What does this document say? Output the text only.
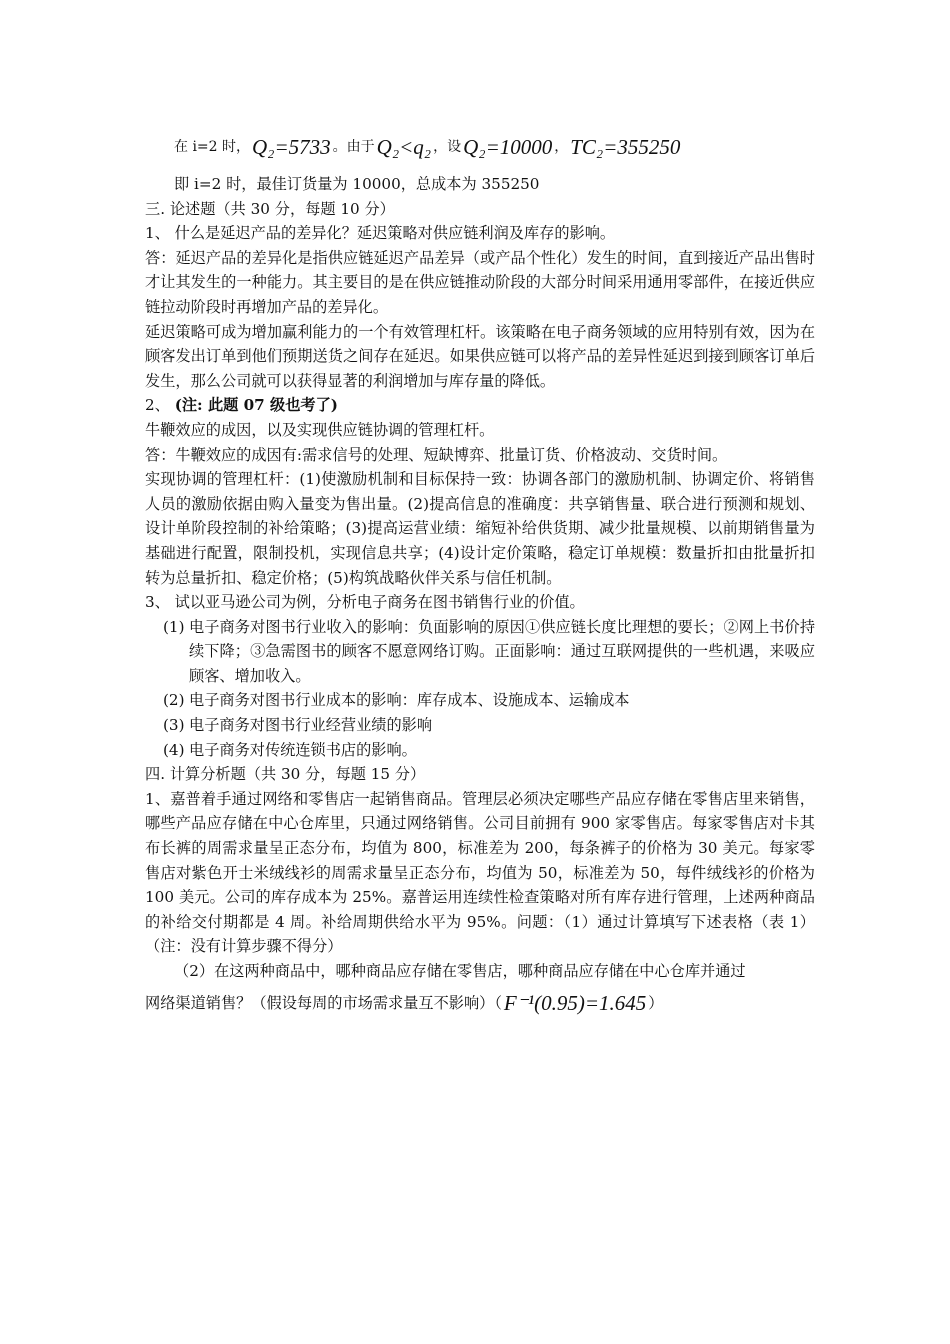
在 i=2 时， Q₂=5733 。由于 Q₂<q₂ ，设 Q₂=10000 ， TC₂=355250

即 i=2 时，最佳订货量为 10000，总成本为 355250

三. 论述题（共 30 分，每题 10 分）

1、 什么是延迟产品的差异化？延迟策略对供应链利润及库存的影响。

答：延迟产品的差异化是指供应链延迟产品差异（或产品个性化）发生的时间，直到接近产品出售时才让其发生的一种能力。其主要目的是在供应链推动阶段的大部分时间采用通用零部件，在接近供应链拉动阶段时再增加产品的差异化。

延迟策略可成为增加赢利能力的一个有效管理杠杆。该策略在电子商务领域的应用特别有效，因为在顾客发出订单到他们预期送货之间存在延迟。如果供应链可以将产品的差异性延迟到接到顾客订单后发生，那么公司就可以获得显著的利润增加与库存量的降低。

2、 (注: 此题 07 级也考了)

牛鞭效应的成因，以及实现供应链协调的管理杠杆。

答：牛鞭效应的成因有:需求信号的处理、短缺博弈、批量订货、价格波动、交货时间。

实现协调的管理杠杆：(1)使激励机制和目标保持一致：协调各部门的激励机制、协调定价、将销售人员的激励依据由购入量变为售出量。(2)提高信息的准确度：共享销售量、联合进行预测和规划、设计单阶段控制的补给策略；(3)提高运营业绩：缩短补给供货期、减少批量规模、以前期销售量为基础进行配置，限制投机，实现信息共享；(4)设计定价策略，稳定订单规模：数量折扣由批量折扣转为总量折扣、稳定价格；(5)构筑战略伙伴关系与信任机制。

3、 试以亚马逊公司为例，分析电子商务在图书销售行业的价值。

(1) 电子商务对图书行业收入的影响：负面影响的原因①供应链长度比理想的要长；②网上书价持续下降；③急需图书的顾客不愿意网络订购。正面影响：通过互联网提供的一些机遇，来吸应顾客、增加收入。
(2) 电子商务对图书行业成本的影响：库存成本、设施成本、运输成本
(3) 电子商务对图书行业经营业绩的影响
(4) 电子商务对传统连锁书店的影响。

四. 计算分析题（共 30 分，每题 15 分）

1、嘉普着手通过网络和零售店一起销售商品。管理层必须决定哪些产品应存储在零售店里来销售，哪些产品应存储在中心仓库里，只通过网络销售。公司目前拥有 900 家零售店。每家零售店对卡其布长裤的周需求量呈正态分布，均值为 800，标准差为 200，每条裤子的价格为 30 美元。每家零售店对紫色开士米绒线衫的周需求量呈正态分布，均值为 50，标准差为 50，每件绒线衫的价格为 100 美元。公司的库存成本为 25%。嘉普运用连续性检查策略对所有库存进行管理，上述两种商品的补给交付期都是 4 周。补给周期供给水平为 95%。问题：（1）通过计算填写下述表格（表 1）（注：没有计算步骤不得分）

（2）在这两种商品中，哪种商品应存储在零售店，哪种商品应存储在中心仓库并通过

网络渠道销售？（假设每周的市场需求量互不影响）（ F⁻¹(0.95)=1.645 ）
